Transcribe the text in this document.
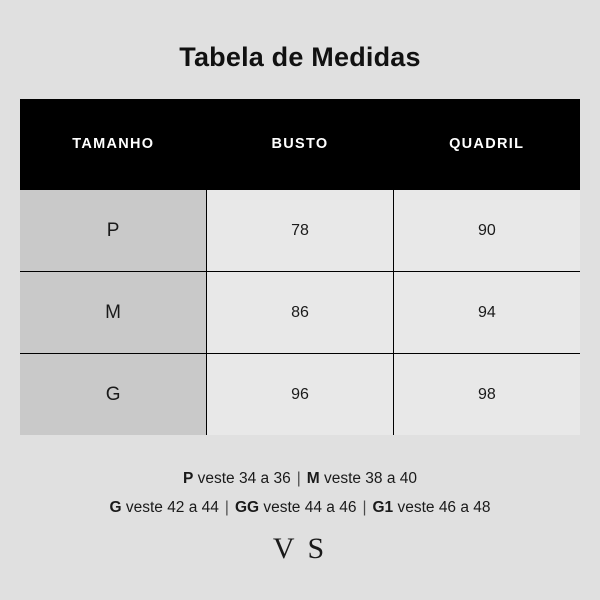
Tabela de Medidas
TAMANHO	BUSTO	QUADRIL
P	78	90
M	86	94
G	96	98
P veste 34 a 36 | M veste 38 a 40
G veste 42 a 44 | GG veste 44 a 46 | G1 veste 46 a 48
V S
